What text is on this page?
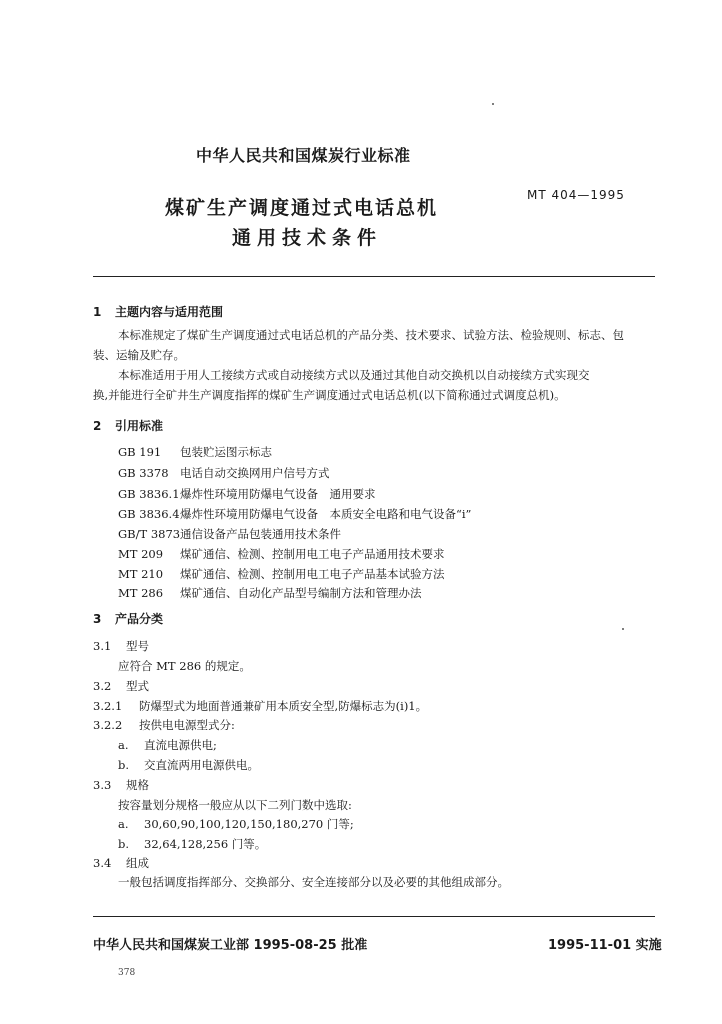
中华人民共和国煤炭行业标准
煤矿生产调度通过式电话总机
通用技术条件
MT 404—1995
1 主题内容与适用范围
本标准规定了煤矿生产调度通过式电话总机的产品分类、技术要求、试验方法、检验规则、标志、包
装、运输及贮存。
本标准适用于用人工接续方式或自动接续方式以及通过其他自动交换机以自动接续方式实现交
换,并能进行全矿井生产调度指挥的煤矿生产调度通过式电话总机(以下简称通过式调度总机)。
2 引用标准
GB 191 包装贮运图示标志
GB 3378 电话自动交换网用户信号方式
GB 3836.1爆炸性环境用防爆电气设备　通用要求
GB 3836.4爆炸性环境用防爆电气设备　本质安全电路和电气设备“i”
GB/T 3873通信设备产品包装通用技术条件
MT 209 煤矿通信、检测、控制用电工电子产品通用技术要求
MT 210 煤矿通信、检测、控制用电工电子产品基本试验方法
MT 286 煤矿通信、自动化产品型号编制方法和管理办法
3 产品分类
3.1 型号
应符合 MT 286 的规定。
3.2 型式
3.2.1 防爆型式为地面普通兼矿用本质安全型,防爆标志为(i)1。
3.2.2 按供电电源型式分:
a. 直流电源供电;
b. 交直流两用电源供电。
3.3 规格
按容量划分规格一般应从以下二列门数中选取:
a. 30,60,90,100,120,150,180,270 门等;
b. 32,64,128,256 门等。
3.4 组成
一般包括调度指挥部分、交换部分、安全连接部分以及必要的其他组成部分。
中华人民共和国煤炭工业部 1995-08-25 批准	1995-11-01 实施
378
